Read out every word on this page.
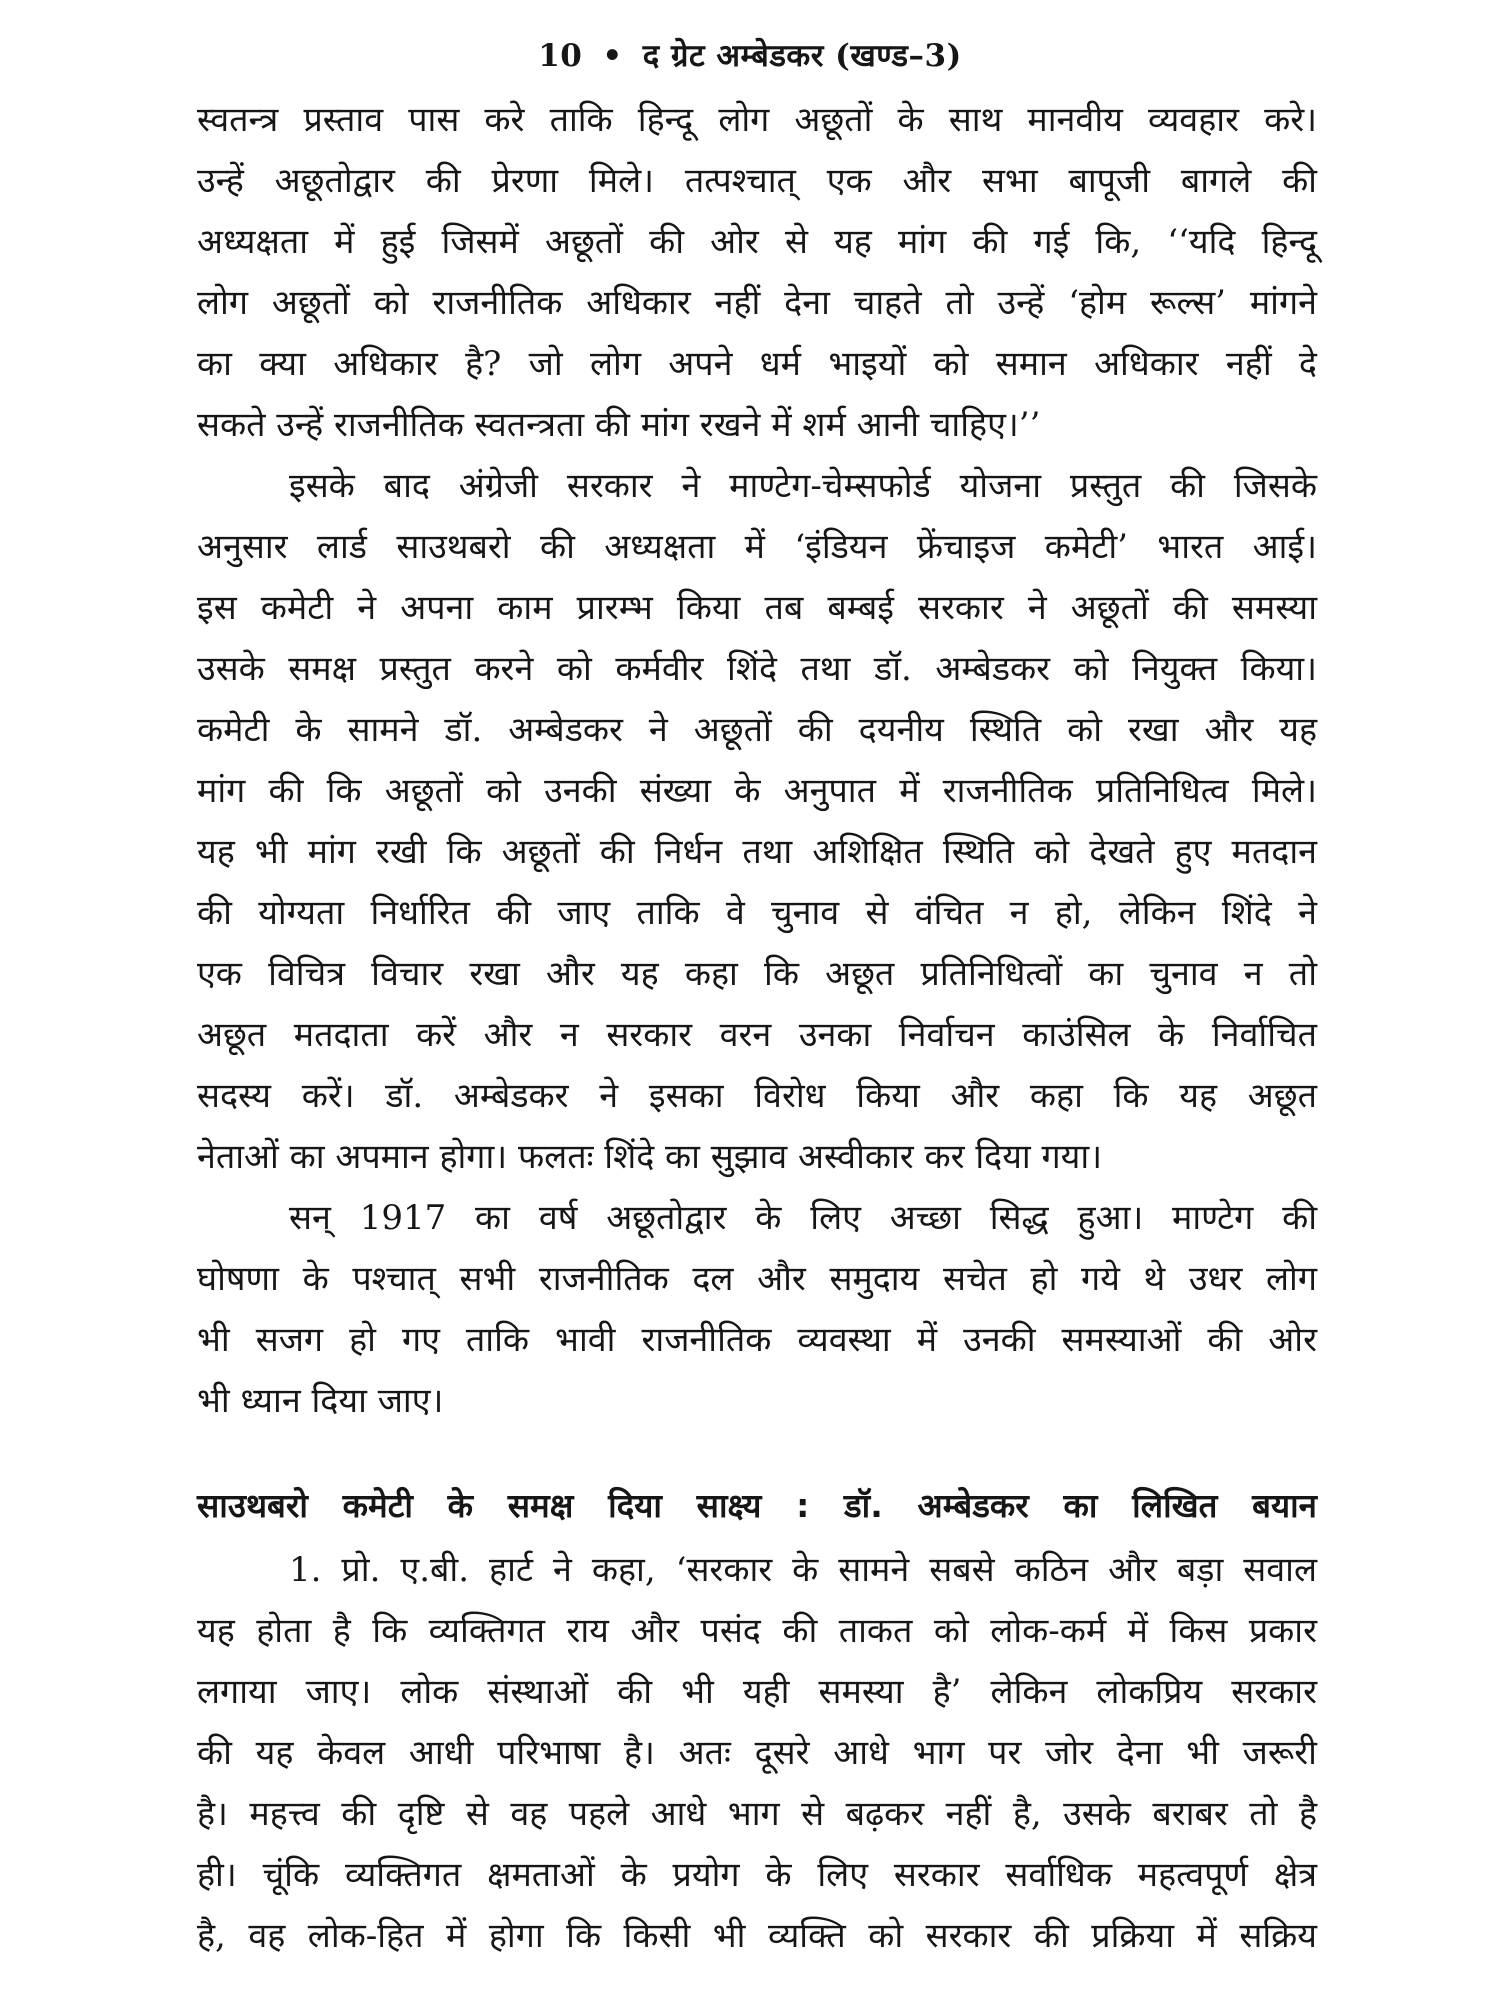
10 • द ग्रेट अम्बेडकर (खण्ड–3)
स्वतन्त्र प्रस्ताव पास करे ताकि हिन्दू लोग अछूतों के साथ मानवीय व्यवहार करे।
उन्हें अछूतोद्वार की प्रेरणा मिले। तत्पश्चात् एक और सभा बापूजी बागले की
अध्यक्षता में हुई जिसमें अछूतों की ओर से यह मांग की गई कि, ‘‘यदि हिन्दू
लोग अछूतों को राजनीतिक अधिकार नहीं देना चाहते तो उन्हें ‘होम रूल्स’ मांगने
का क्या अधिकार है? जो लोग अपने धर्म भाइयों को समान अधिकार नहीं दे
सकते उन्हें राजनीतिक स्वतन्त्रता की मांग रखने में शर्म आनी चाहिए।’’
इसके बाद अंग्रेजी सरकार ने माण्टेग-चेम्सफोर्ड योजना प्रस्तुत की जिसके
अनुसार लार्ड साउथबरो की अध्यक्षता में ‘इंडियन फ्रेंचाइज कमेटी’ भारत आई।
इस कमेटी ने अपना काम प्रारम्भ किया तब बम्बई सरकार ने अछूतों की समस्या
उसके समक्ष प्रस्तुत करने को कर्मवीर शिंदे तथा डॉ. अम्बेडकर को नियुक्त किया।
कमेटी के सामने डॉ. अम्बेडकर ने अछूतों की दयनीय स्थिति को रखा और यह
मांग की कि अछूतों को उनकी संख्या के अनुपात में राजनीतिक प्रतिनिधित्व मिले।
यह भी मांग रखी कि अछूतों की निर्धन तथा अशिक्षित स्थिति को देखते हुए मतदान
की योग्यता निर्धारित की जाए ताकि वे चुनाव से वंचित न हो, लेकिन शिंदे ने
एक विचित्र विचार रखा और यह कहा कि अछूत प्रतिनिधित्वों का चुनाव न तो
अछूत मतदाता करें और न सरकार वरन उनका निर्वाचन काउंसिल के निर्वाचित
सदस्य करें। डॉ. अम्बेडकर ने इसका विरोध किया और कहा कि यह अछूत
नेताओं का अपमान होगा। फलतः शिंदे का सुझाव अस्वीकार कर दिया गया।
सन् 1917 का वर्ष अछूतोद्वार के लिए अच्छा सिद्ध हुआ। माण्टेग की
घोषणा के पश्चात् सभी राजनीतिक दल और समुदाय सचेत हो गये थे उधर लोग
भी सजग हो गए ताकि भावी राजनीतिक व्यवस्था में उनकी समस्याओं की ओर
भी ध्यान दिया जाए।
साउथबरो कमेटी के समक्ष दिया साक्ष्य : डॉ. अम्बेडकर का लिखित बयान
1. प्रो. ए.बी. हार्ट ने कहा, ‘सरकार के सामने सबसे कठिन और बड़ा सवाल
यह होता है कि व्यक्तिगत राय और पसंद की ताकत को लोक-कर्म में किस प्रकार
लगाया जाए। लोक संस्थाओं की भी यही समस्या है’ लेकिन लोकप्रिय सरकार
की यह केवल आधी परिभाषा है। अतः दूसरे आधे भाग पर जोर देना भी जरूरी
है। महत्त्व की दृष्टि से वह पहले आधे भाग से बढ़कर नहीं है, उसके बराबर तो है
ही। चूंकि व्यक्तिगत क्षमताओं के प्रयोग के लिए सरकार सर्वाधिक महत्वपूर्ण क्षेत्र
है, वह लोक-हित में होगा कि किसी भी व्यक्ति को सरकार की प्रक्रिया में सक्रिय
